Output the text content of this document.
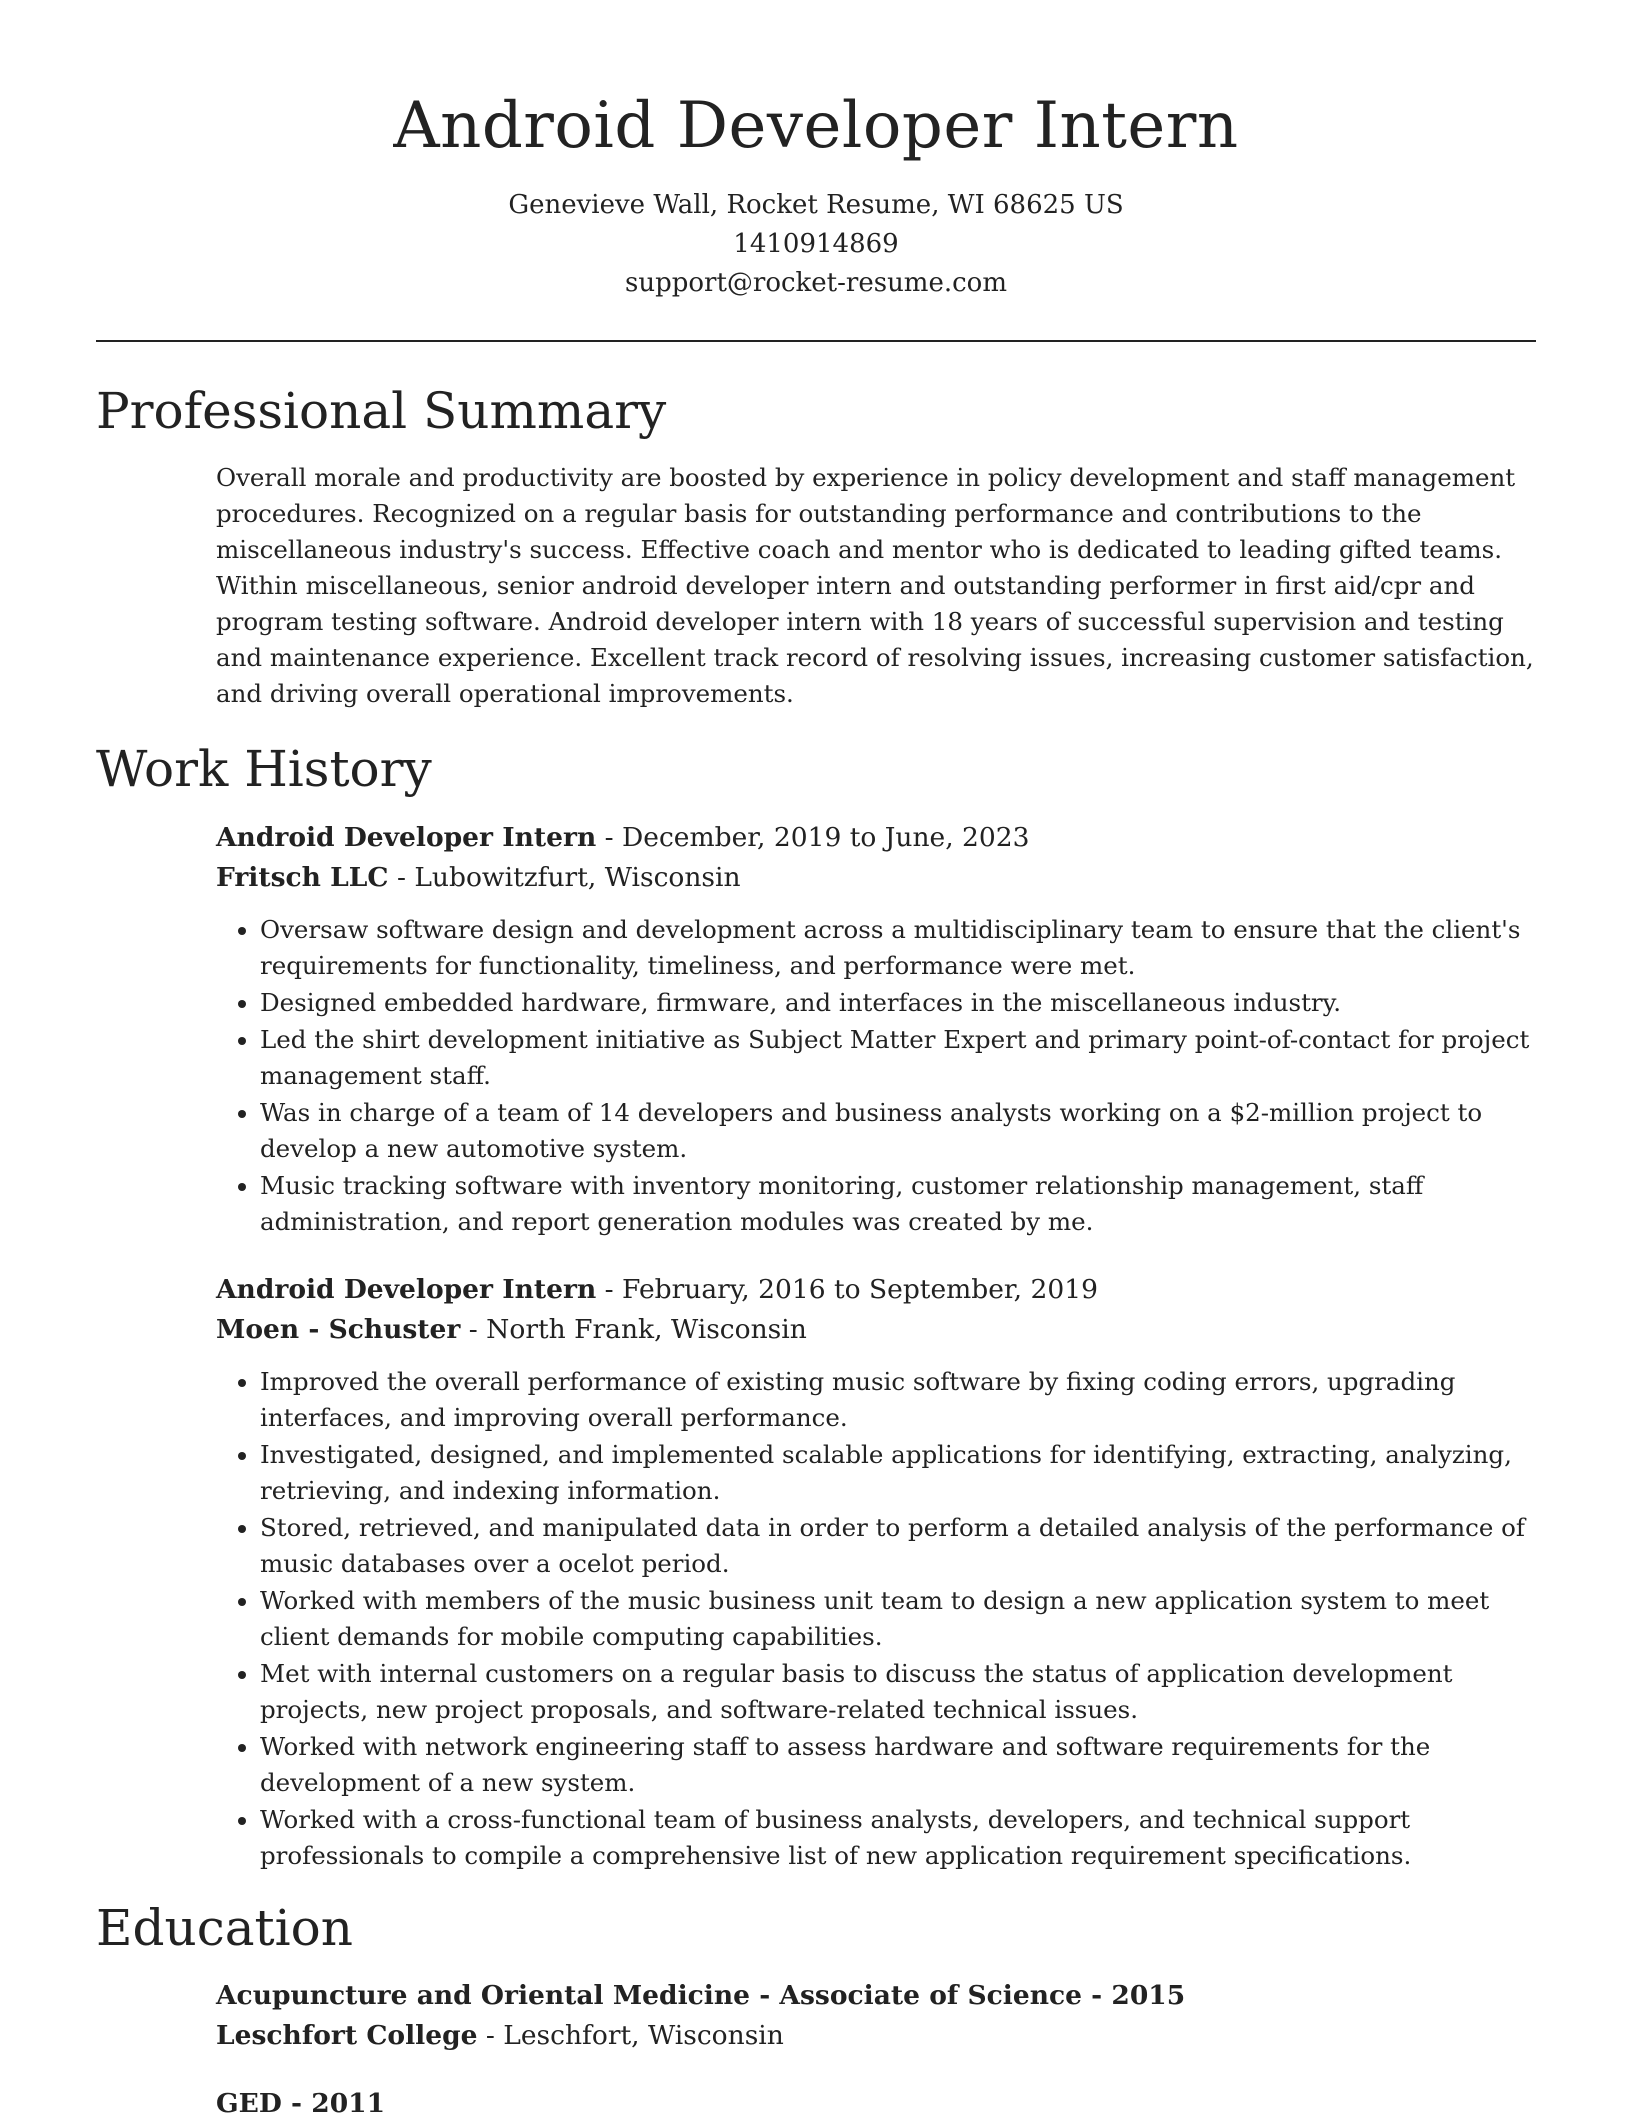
Android Developer Intern
Genevieve Wall, Rocket Resume, WI 68625 US
1410914869
support@rocket-resume.com
Professional Summary
Overall morale and productivity are boosted by experience in policy development and staff management procedures. Recognized on a regular basis for outstanding performance and contributions to the miscellaneous industry's success. Effective coach and mentor who is dedicated to leading gifted teams. Within miscellaneous, senior android developer intern and outstanding performer in first aid/cpr and program testing software. Android developer intern with 18 years of successful supervision and testing and maintenance experience. Excellent track record of resolving issues, increasing customer satisfaction, and driving overall operational improvements.
Work History
Android Developer Intern - December, 2019 to June, 2023
Fritsch LLC - Lubowitzfurt, Wisconsin
• Oversaw software design and development across a multidisciplinary team to ensure that the client's requirements for functionality, timeliness, and performance were met.
• Designed embedded hardware, firmware, and interfaces in the miscellaneous industry.
• Led the shirt development initiative as Subject Matter Expert and primary point-of-contact for project management staff.
• Was in charge of a team of 14 developers and business analysts working on a $2-million project to develop a new automotive system.
• Music tracking software with inventory monitoring, customer relationship management, staff administration, and report generation modules was created by me.
Android Developer Intern - February, 2016 to September, 2019
Moen - Schuster - North Frank, Wisconsin
• Improved the overall performance of existing music software by fixing coding errors, upgrading interfaces, and improving overall performance.
• Investigated, designed, and implemented scalable applications for identifying, extracting, analyzing, retrieving, and indexing information.
• Stored, retrieved, and manipulated data in order to perform a detailed analysis of the performance of music databases over a ocelot period.
• Worked with members of the music business unit team to design a new application system to meet client demands for mobile computing capabilities.
• Met with internal customers on a regular basis to discuss the status of application development projects, new project proposals, and software-related technical issues.
• Worked with network engineering staff to assess hardware and software requirements for the development of a new system.
• Worked with a cross-functional team of business analysts, developers, and technical support professionals to compile a comprehensive list of new application requirement specifications.
Education
Acupuncture and Oriental Medicine - Associate of Science - 2015
Leschfort College - Leschfort, Wisconsin
GED - 2011
